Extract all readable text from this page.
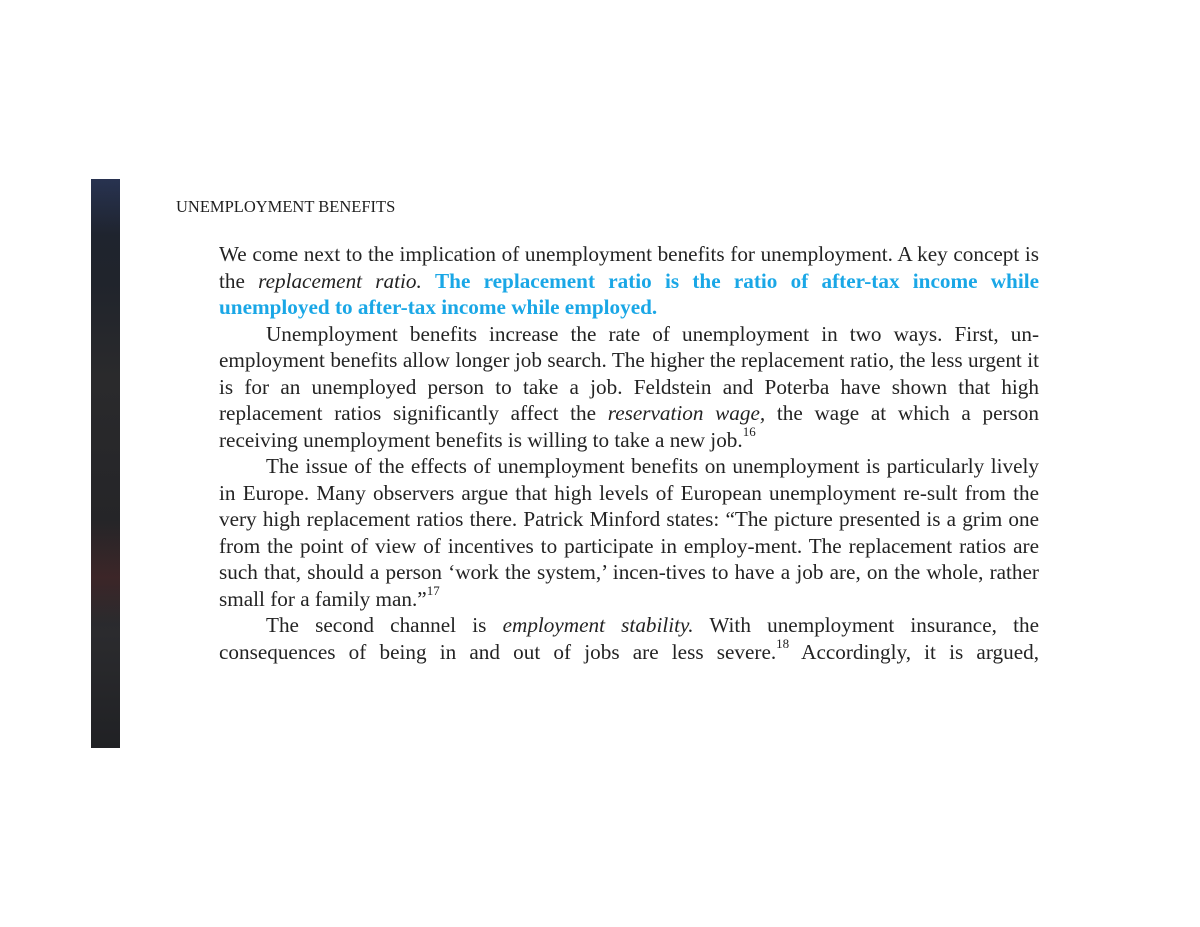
UNEMPLOYMENT BENEFITS

We come next to the implication of unemployment benefits for unemployment. A key concept is the replacement ratio. The replacement ratio is the ratio of after-tax income while unemployed to after-tax income while employed.

Unemployment benefits increase the rate of unemployment in two ways. First, un-employment benefits allow longer job search. The higher the replacement ratio, the less urgent it is for an unemployed person to take a job. Feldstein and Poterba have shown that high replacement ratios significantly affect the reservation wage, the wage at which a person receiving unemployment benefits is willing to take a new job.$^{16}$

The issue of the effects of unemployment benefits on unemployment is particularly lively in Europe. Many observers argue that high levels of European unemployment re-sult from the very high replacement ratios there. Patrick Minford states: “The picture presented is a grim one from the point of view of incentives to participate in employ-ment. The replacement ratios are such that, should a person ‘work the system,’ incen-tives to have a job are, on the whole, rather small for a family man.”$^{17}$

The second channel is employment stability. With unemployment insurance, the consequences of being in and out of jobs are less severe.$^{18}$ Accordingly, it is argued,
